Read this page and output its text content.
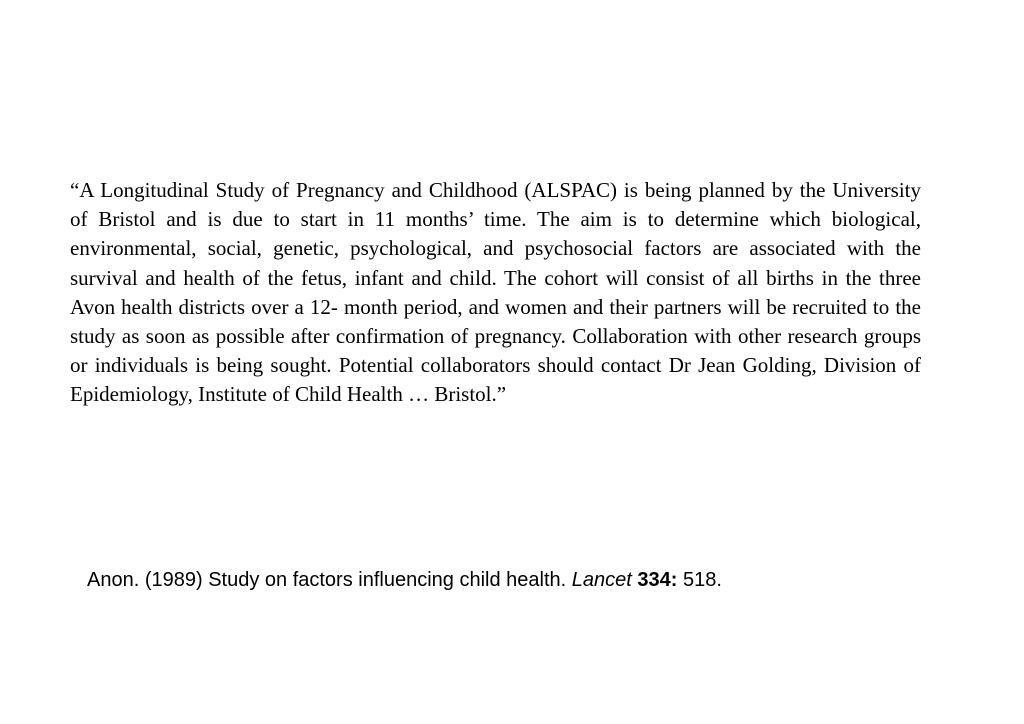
“A Longitudinal Study of Pregnancy and Childhood (ALSPAC) is being planned by the University of Bristol and is due to start in 11 months’ time. The aim is to determine which biological, environmental, social, genetic, psychological, and psychosocial factors are associated with the survival and health of the fetus, infant and child. The cohort will consist of all births in the three Avon health districts over a 12- month period, and women and their partners will be recruited to the study as soon as possible after confirmation of pregnancy. Collaboration with other research groups or individuals is being sought. Potential collaborators should contact Dr Jean Golding, Division of Epidemiology, Institute of Child Health … Bristol.”

Anon. (1989) Study on factors influencing child health. Lancet 334: 518.
